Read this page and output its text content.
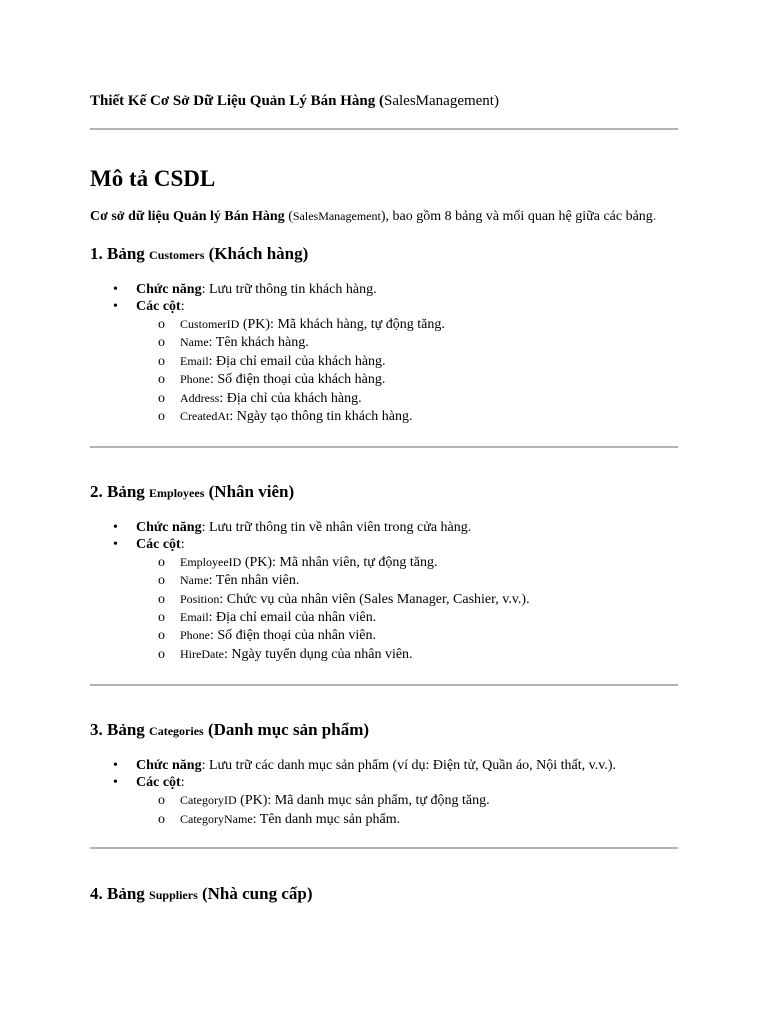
Thiết Kế Cơ Sở Dữ Liệu Quản Lý Bán Hàng (SalesManagement)
Mô tả CSDL
Cơ sở dữ liệu Quản lý Bán Hàng (SalesManagement), bao gồm 8 bảng và mối quan hệ giữa các bảng.
1. Bảng Customers (Khách hàng)
• Chức năng: Lưu trữ thông tin khách hàng.
• Các cột:
o CustomerID (PK): Mã khách hàng, tự động tăng.
o Name: Tên khách hàng.
o Email: Địa chỉ email của khách hàng.
o Phone: Số điện thoại của khách hàng.
o Address: Địa chỉ của khách hàng.
o CreatedAt: Ngày tạo thông tin khách hàng.
2. Bảng Employees (Nhân viên)
• Chức năng: Lưu trữ thông tin về nhân viên trong cửa hàng.
• Các cột:
o EmployeeID (PK): Mã nhân viên, tự động tăng.
o Name: Tên nhân viên.
o Position: Chức vụ của nhân viên (Sales Manager, Cashier, v.v.).
o Email: Địa chỉ email của nhân viên.
o Phone: Số điện thoại của nhân viên.
o HireDate: Ngày tuyển dụng của nhân viên.
3. Bảng Categories (Danh mục sản phẩm)
• Chức năng: Lưu trữ các danh mục sản phẩm (ví dụ: Điện tử, Quần áo, Nội thất, v.v.).
• Các cột:
o CategoryID (PK): Mã danh mục sản phẩm, tự động tăng.
o CategoryName: Tên danh mục sản phẩm.
4. Bảng Suppliers (Nhà cung cấp)
